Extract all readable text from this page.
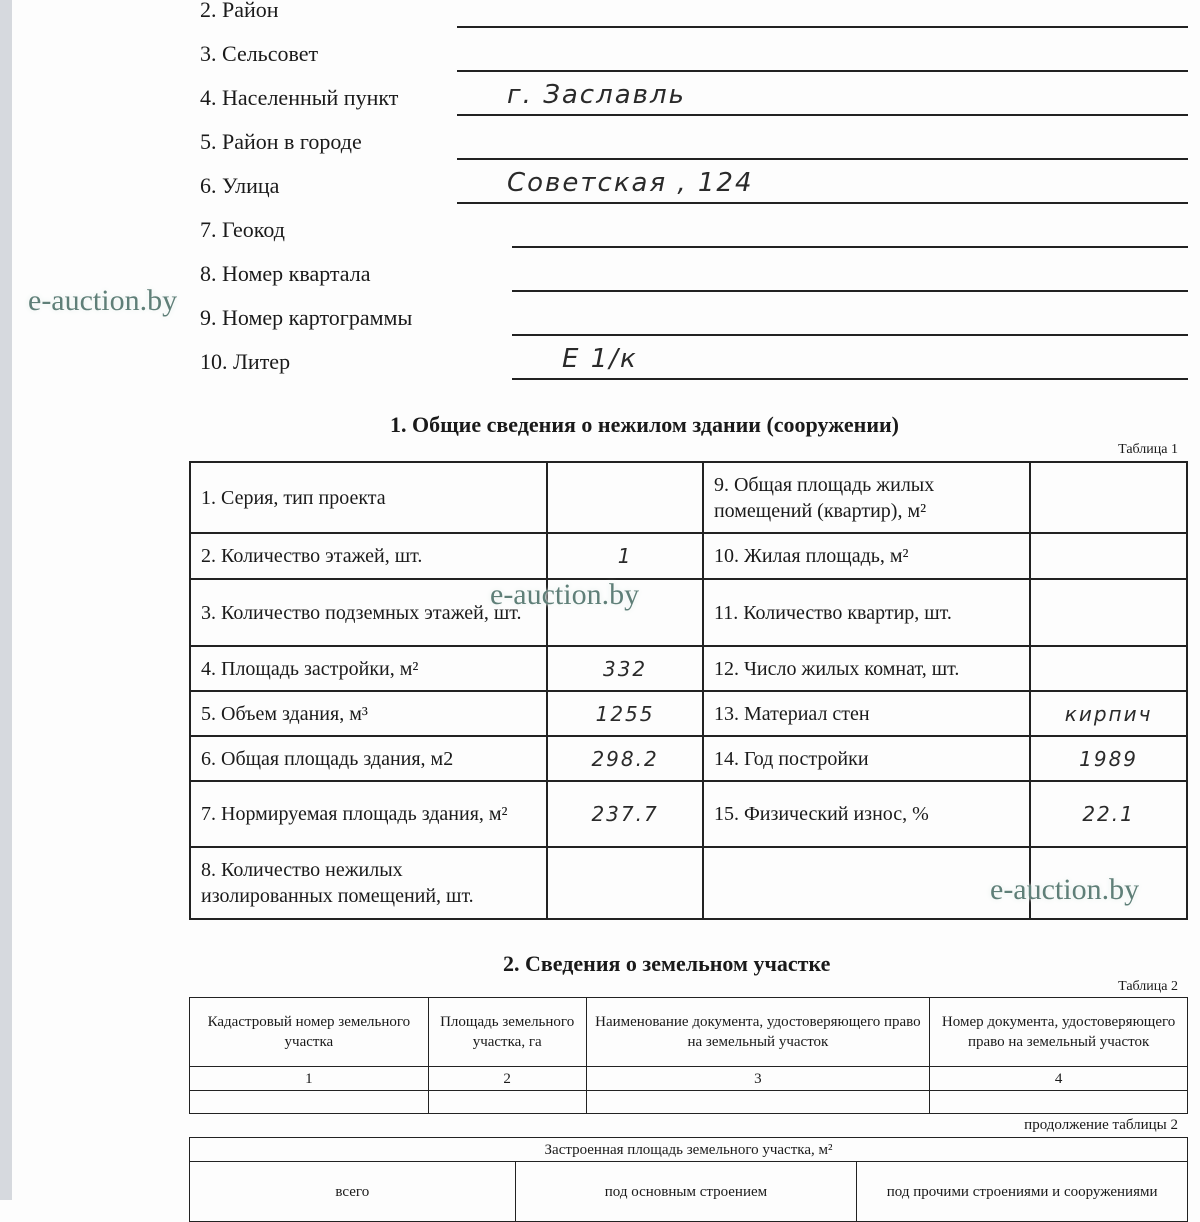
2. Район
3. Сельсовет
4. Населенный пункт	г. Заславль
5. Район в городе
6. Улица	Советская , 124
7. Геокод
8. Номер квартала
9. Номер картограммы
10. Литер	Е 1/к
1. Общие сведения о нежилом здании (сооружении)
Таблица 1
1. Серия, тип проекта		9. Общая площадь жилых помещений (квартир), м²	
2. Количество этажей, шт.	1	10. Жилая площадь, м²	
3. Количество подземных этажей, шт.		11. Количество квартир, шт.	
4. Площадь застройки, м²	332	12. Число жилых комнат, шт.	
5. Объем здания, м³	1255	13. Материал стен	кирпич
6. Общая площадь здания, м2	298.2	14. Год постройки	1989
7. Нормируемая площадь здания, м²	237.7	15. Физический износ, %	22.1
8. Количество нежилых изолированных помещений, шт.			
2. Сведения о земельном участке
Таблица 2
Кадастровый номер земельного участка	Площадь земельного участка, га	Наименование документа, удостоверяющего право на земельный участок	Номер документа, удостоверяющего право на земельный участок
1	2	3	4

продолжение таблицы 2
Застроенная площадь земельного участка, м²
всего	под основным строением	под прочими строениями и сооружениями
e-auction.by
e-auction.by
e-auction.by
